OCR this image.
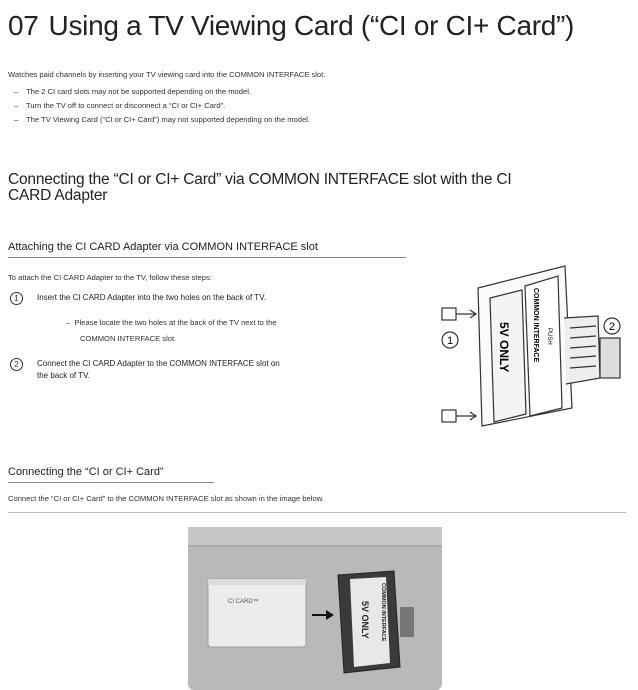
07 Using a TV Viewing Card (“CI or CI+ Card”)
Watches paid channels by inserting your TV viewing card into the COMMON INTERFACE slot.
– The 2 CI card slots may not be supported depending on the model.
– Turn the TV off to connect or disconnect a “CI or CI+ Card”.
– The TV Viewing Card (“CI or CI+ Card”) may not supported depending on the model.
Connecting the “CI or CI+ Card” via COMMON INTERFACE slot with the CI
CARD Adapter
Attaching the CI CARD Adapter via COMMON INTERFACE slot
To attach the CI CARD Adapter to the TV, follow these steps:
1	Insert the CI CARD Adapter into the two holes on the back of TV.
– Please locate the two holes at the back of the TV next to the
COMMON INTERFACE slot.
2	Connect the CI CARD Adapter to the COMMON INTERFACE slot on
the back of TV.
1
2
COMMON INTERFACE
5V ONLY	PUSH
Connecting the “CI or CI+ Card”
Connect the “CI or CI+ Card” to the COMMON INTERFACE slot as shown in the image below.
CI CARD™	COMMON INTERFACE
5V ONLY
